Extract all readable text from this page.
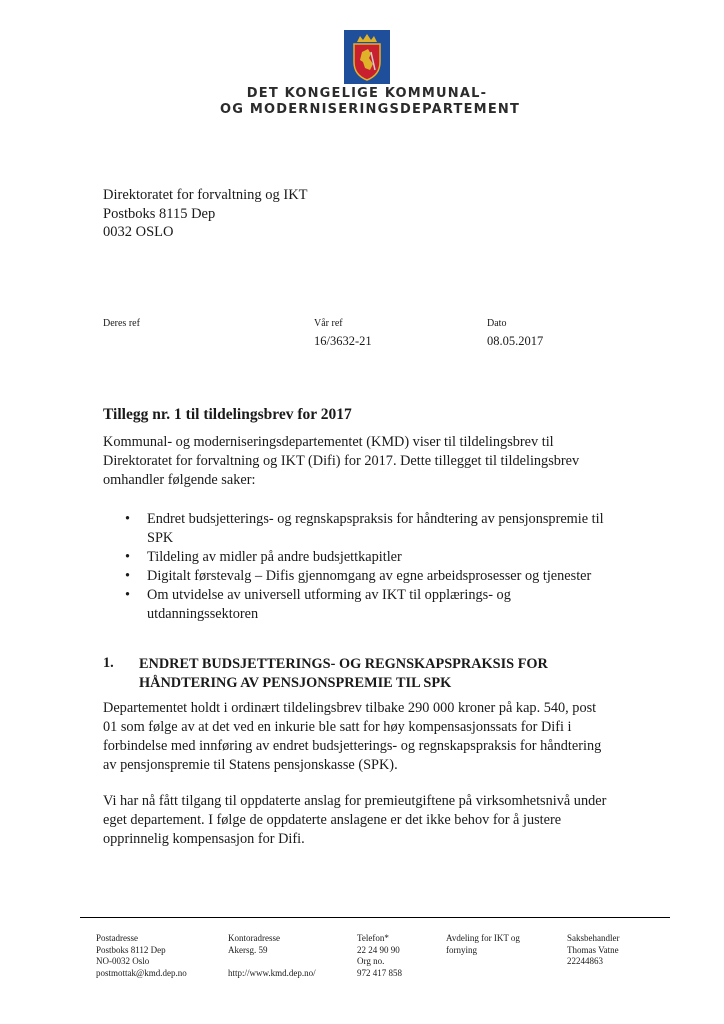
DET KONGELIGE KOMMUNAL-
OG MODERNISERINGSDEPARTEMENT
Direktoratet for forvaltning og IKT
Postboks 8115 Dep
0032 OSLO
Deres ref	Vår ref
16/3632-21
Dato
08.05.2017
Tillegg nr. 1 til tildelingsbrev for 2017
Kommunal- og moderniseringsdepartementet (KMD) viser til tildelingsbrev til
Direktoratet for forvaltning og IKT (Difi) for 2017. Dette tillegget til tildelingsbrev
omhandler følgende saker:
• Endret budsjetterings- og regnskapspraksis for håndtering av pensjonspremie til
SPK
• Tildeling av midler på andre budsjettkapitler
• Digitalt førstevalg – Difis gjennomgang av egne arbeidsprosesser og tjenester
• Om utvidelse av universell utforming av IKT til opplærings- og
utdanningssektoren
1. ENDRET BUDSJETTERINGS- OG REGNSKAPSPRAKSIS FOR
HÅNDTERING AV PENSJONSPREMIE TIL SPK
Departementet holdt i ordinært tildelingsbrev tilbake 290 000 kroner på kap. 540, post
01 som følge av at det ved en inkurie ble satt for høy kompensasjonssats for Difi i
forbindelse med innføring av endret budsjetterings- og regnskapspraksis for håndtering
av pensjonspremie til Statens pensjonskasse (SPK).
Vi har nå fått tilgang til oppdaterte anslag for premieutgiftene på virksomhetsnivå under
eget departement. I følge de oppdaterte anslagene er det ikke behov for å justere
opprinnelig kompensasjon for Difi.
Postadresse
Postboks 8112 Dep
NO-0032 Oslo
postmottak@kmd.dep.no
Kontoradresse
Akersg. 59
http://www.kmd.dep.no/
Telefon*
22 24 90 90
Org no.
972 417 858
Avdeling for IKT og
fornying
Saksbehandler
Thomas Vatne
22244863
